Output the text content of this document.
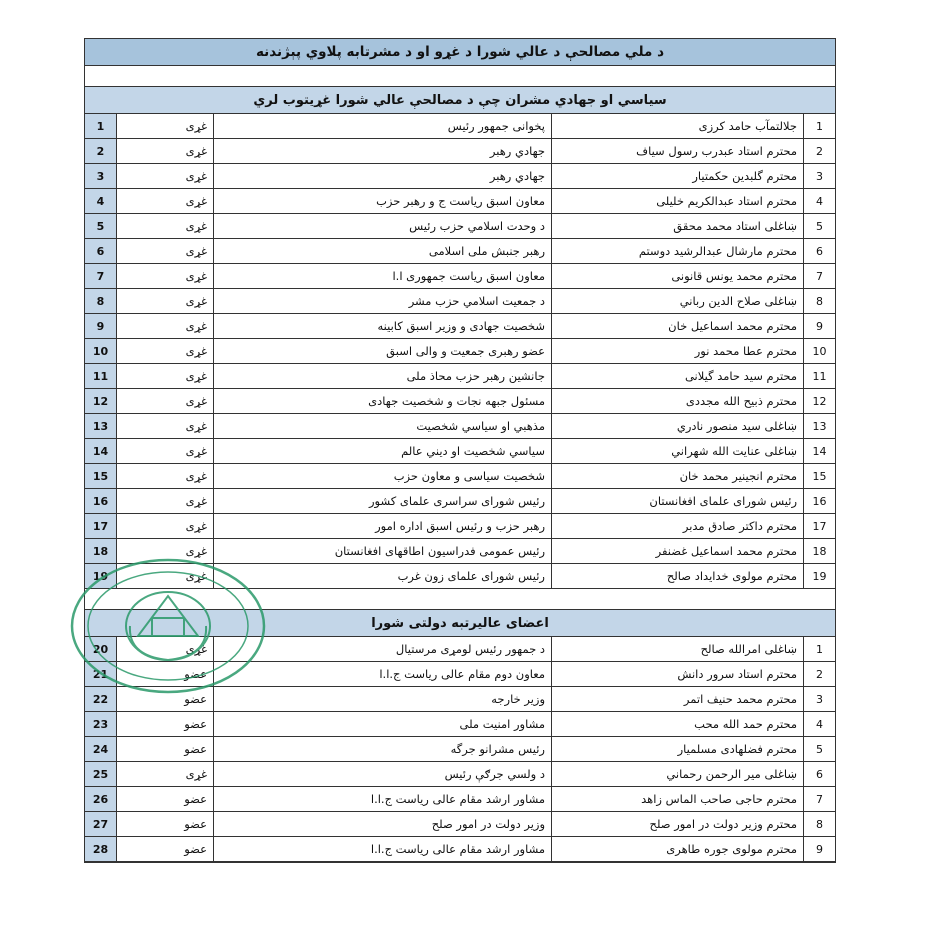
د ملي مصالحې د عالي شورا د غړو او د مشرتابه پلاوي پېژندنه
سياسي او جهادي مشران چې د مصالحې عالي شورا غړيتوب لري
1	غړی	پخوانی جمهور رئیس	جلالتمآب حامد کرزی	1
2	غړی	جهادي رهبر	محترم استاد عبدرب رسول سیاف	2
3	غړی	جهادي رهبر	محترم گلبدین حکمتیار	3
4	غړی	معاون اسبق رياست ج و رهبر حزب	محترم استاد عبدالکریم خلیلی	4
5	غړی	د وحدت اسلامي حزب رئيس	ښاغلی استاد محمد محقق	5
6	غړی	رهبر جنبش ملی اسلامی	محترم مارشال عبدالرشید دوستم	6
7	غړی	معاون اسبق رياست جمهوری ا.ا	محترم محمد یونس قانونی	7
8	غړی	د جمعیت اسلامي حزب مشر	ښاغلی صلاح الدین رباني	8
9	غړی	شخصیت جهادی و وزیر اسبق کابینه	محترم محمد اسماعیل خان	9
10	غړی	عضو رهبری جمعیت و والی اسبق	محترم عطا محمد نور	10
11	غړی	جانشین رهبر حزب محاذ ملی	محترم سید حامد گیلانی	11
12	غړی	مسئول جبهه نجات و شخصیت جهادی	محترم ذبیح الله مجددی	12
13	غړی	مذهبي او سياسي شخصيت	ښاغلی سید منصور نادري	13
14	غړی	سیاسي شخصیت او دیني عالم	ښاغلی عنایت الله شهراني	14
15	غړی	شخصیت سیاسی و معاون حزب	محترم انجینیر محمد خان	15
16	غړی	رئیس شورای سراسری علمای کشور	رئیس شورای علمای افغانستان	16
17	غړی	رهبر حزب و رئیس اسبق اداره امور	محترم داکتر صادق مدبر	17
18	غړی	رئیس عمومی فدراسیون اطاقهای افغانستان	محترم محمد اسماعیل غضنفر	18
19	غړی	رئیس شورای علمای زون غرب	محترم مولوی خدایداد صالح	19
اعضای عالیرتبه دولتی شورا
20	غړی	د جمهور رئیس لومړی مرستیال	ښاغلی امرالله صالح	1
21	عضو	معاون دوم مقام عالی رياست ج.ا.ا	محترم استاد سرور دانش	2
22	عضو	وزير خارجه	محترم محمد حنیف اتمر	3
23	عضو	مشاور امنیت ملی	محترم حمد الله محب	4
24	عضو	رئيس مشرانو جرگه	محترم فضلهادی مسلمیار	5
25	غړی	د ولسي جرګې رئیس	ښاغلی میر الرحمن رحماني	6
26	عضو	مشاور ارشد مقام عالی رياست ج.ا.ا	محترم حاجی صاحب الماس زاهد	7
27	عضو	وزیر دولت در امور صلح	محترم وزیر دولت در امور صلح	8
28	عضو	مشاور ارشد مقام عالی رياست ج.ا.ا	محترم مولوی جوره طاهری	9
